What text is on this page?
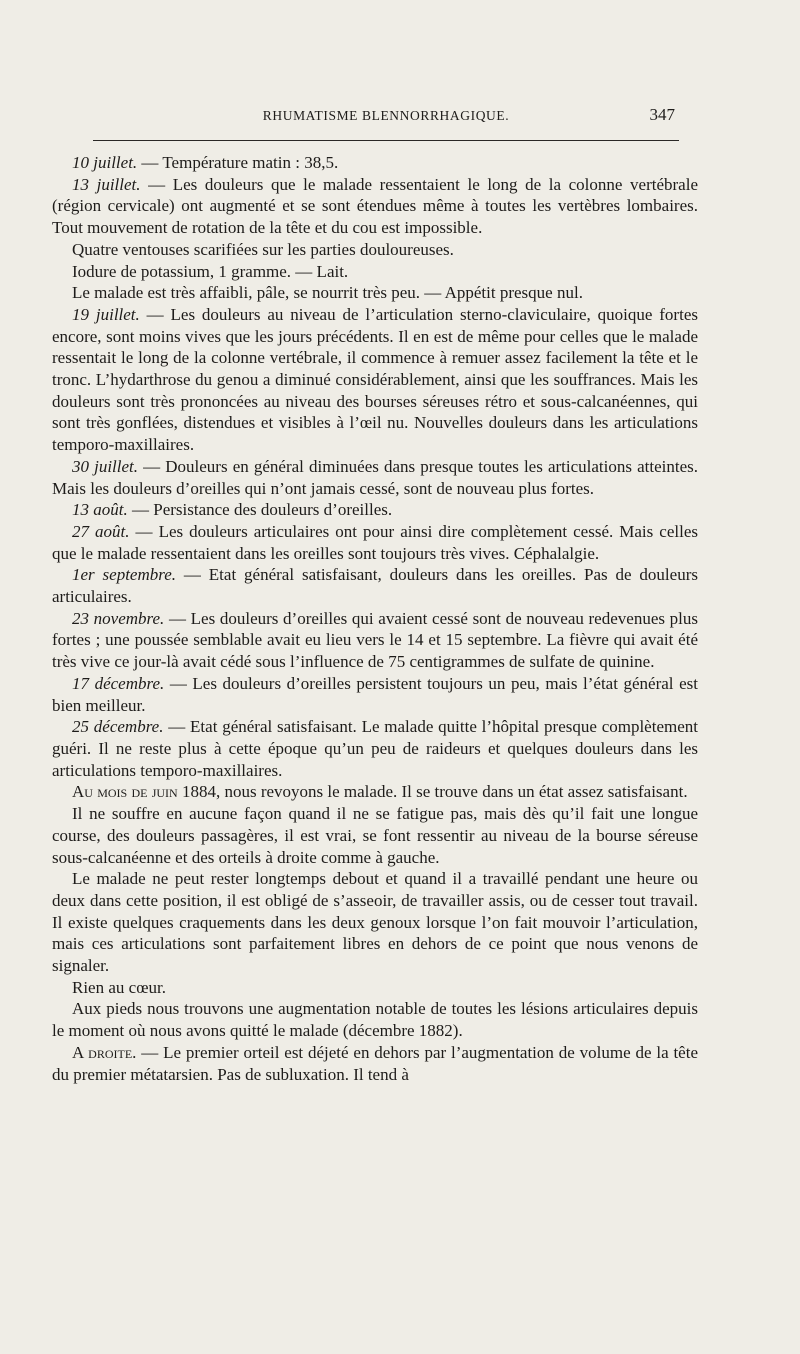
RHUMATISME BLENNORRHAGIQUE.	347

10 juillet. — Température matin : 38,5.

13 juillet. — Les douleurs que le malade ressentaient le long de la colonne vertébrale (région cervicale) ont augmenté et se sont étendues même à toutes les vertèbres lombaires. Tout mouvement de rotation de la tête et du cou est impossible.

Quatre ventouses scarifiées sur les parties douloureuses.

Iodure de potassium, 1 gramme. — Lait.

Le malade est très affaibli, pâle, se nourrit très peu. — Appétit presque nul.

19 juillet. — Les douleurs au niveau de l’articulation sterno-claviculaire, quoique fortes encore, sont moins vives que les jours précédents. Il en est de même pour celles que le malade ressentait le long de la colonne vertébrale, il commence à remuer assez facilement la tête et le tronc. L’hydarthrose du genou a diminué considérablement, ainsi que les souffrances. Mais les douleurs sont très prononcées au niveau des bourses séreuses rétro et sous-calcanéennes, qui sont très gonflées, distendues et visibles à l’œil nu. Nouvelles douleurs dans les articulations temporo-maxillaires.

30 juillet. — Douleurs en général diminuées dans presque toutes les articulations atteintes. Mais les douleurs d’oreilles qui n’ont jamais cessé, sont de nouveau plus fortes.

13 août. — Persistance des douleurs d’oreilles.

27 août. — Les douleurs articulaires ont pour ainsi dire complètement cessé. Mais celles que le malade ressentaient dans les oreilles sont toujours très vives. Céphalalgie.

1er septembre. — Etat général satisfaisant, douleurs dans les oreilles. Pas de douleurs articulaires.

23 novembre. — Les douleurs d’oreilles qui avaient cessé sont de nouveau redevenues plus fortes ; une poussée semblable avait eu lieu vers le 14 et 15 septembre. La fièvre qui avait été très vive ce jour-là avait cédé sous l’influence de 75 centigrammes de sulfate de quinine.

17 décembre. — Les douleurs d’oreilles persistent toujours un peu, mais l’état général est bien meilleur.

25 décembre. — Etat général satisfaisant. Le malade quitte l’hôpital presque complètement guéri. Il ne reste plus à cette époque qu’un peu de raideurs et quelques douleurs dans les articulations temporo-maxillaires.

Au mois de juin 1884, nous revoyons le malade. Il se trouve dans un état assez satisfaisant.

Il ne souffre en aucune façon quand il ne se fatigue pas, mais dès qu’il fait une longue course, des douleurs passagères, il est vrai, se font ressentir au niveau de la bourse séreuse sous-calcanéenne et des orteils à droite comme à gauche.

Le malade ne peut rester longtemps debout et quand il a travaillé pendant une heure ou deux dans cette position, il est obligé de s’asseoir, de travailler assis, ou de cesser tout travail. Il existe quelques craquements dans les deux genoux lorsque l’on fait mouvoir l’articulation, mais ces articulations sont parfaitement libres en dehors de ce point que nous venons de signaler.

Rien au cœur.

Aux pieds nous trouvons une augmentation notable de toutes les lésions articulaires depuis le moment où nous avons quitté le malade (décembre 1882).

A droite. — Le premier orteil est déjeté en dehors par l’augmentation de volume de la tête du premier métatarsien. Pas de subluxation. Il tend à
